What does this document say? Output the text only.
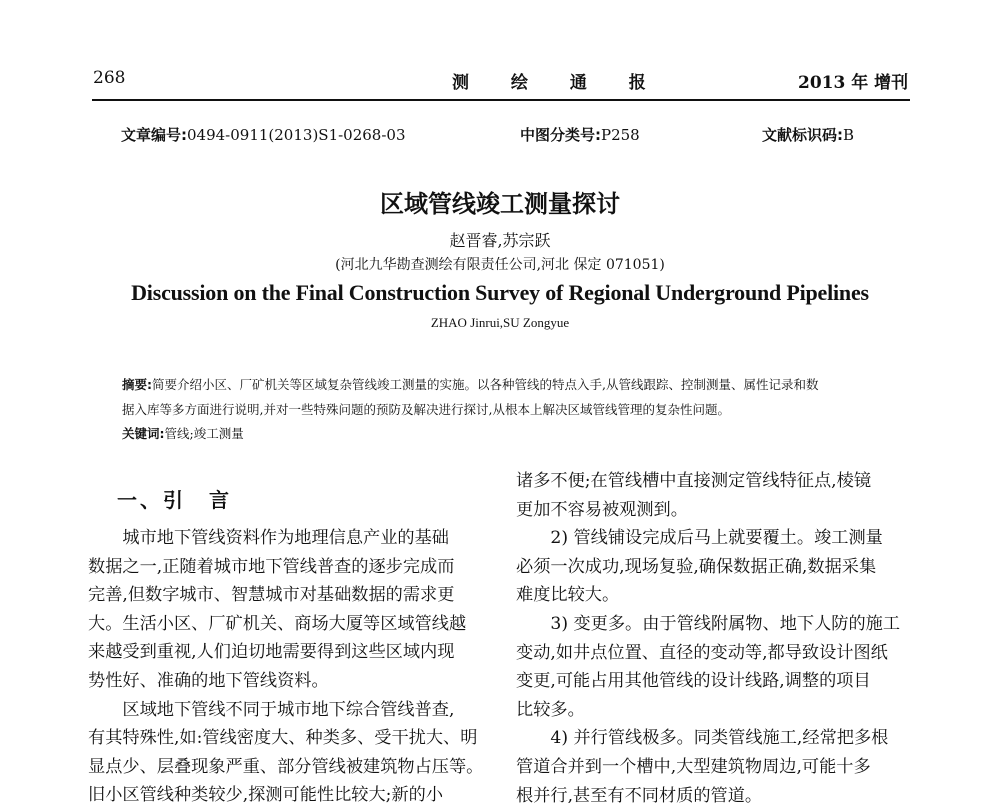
268	测 绘 通 报	2013 年 增刊
文章编号:0494-0911(2013)S1-0268-03	中图分类号:P258	文献标识码:B
区域管线竣工测量探讨
赵晋睿,苏宗跃
(河北九华勘查测绘有限责任公司,河北 保定 071051)
Discussion on the Final Construction Survey of Regional Underground Pipelines
ZHAO Jinrui,SU Zongyue
摘要:简要介绍小区、厂矿机关等区域复杂管线竣工测量的实施。以各种管线的特点入手,从管线跟踪、控制测量、属性记录和数
据入库等多方面进行说明,并对一些特殊问题的预防及解决进行探讨,从根本上解决区域管线管理的复杂性问题。
关键词:管线;竣工测量
一、引　言

城市地下管线资料作为地理信息产业的基础

数据之一,正随着城市地下管线普查的逐步完成而

完善,但数字城市、智慧城市对基础数据的需求更

大。生活小区、厂矿机关、商场大厦等区域管线越

来越受到重视,人们迫切地需要得到这些区域内现

势性好、准确的地下管线资料。

区域地下管线不同于城市地下综合管线普查,

有其特殊性,如:管线密度大、种类多、受干扰大、明

显点少、层叠现象严重、部分管线被建筑物占压等。

旧小区管线种类较少,探测可能性比较大;新的小

诸多不便;在管线槽中直接测定管线特征点,棱镜

更加不容易被观测到。

2) 管线铺设完成后马上就要覆土。竣工测量

必须一次成功,现场复验,确保数据正确,数据采集

难度比较大。

3) 变更多。由于管线附属物、地下人防的施工

变动,如井点位置、直径的变动等,都导致设计图纸

变更,可能占用其他管线的设计线路,调整的项目

比较多。

4) 并行管线极多。同类管线施工,经常把多根

管道合并到一个槽中,大型建筑物周边,可能十多

根并行,甚至有不同材质的管道。
